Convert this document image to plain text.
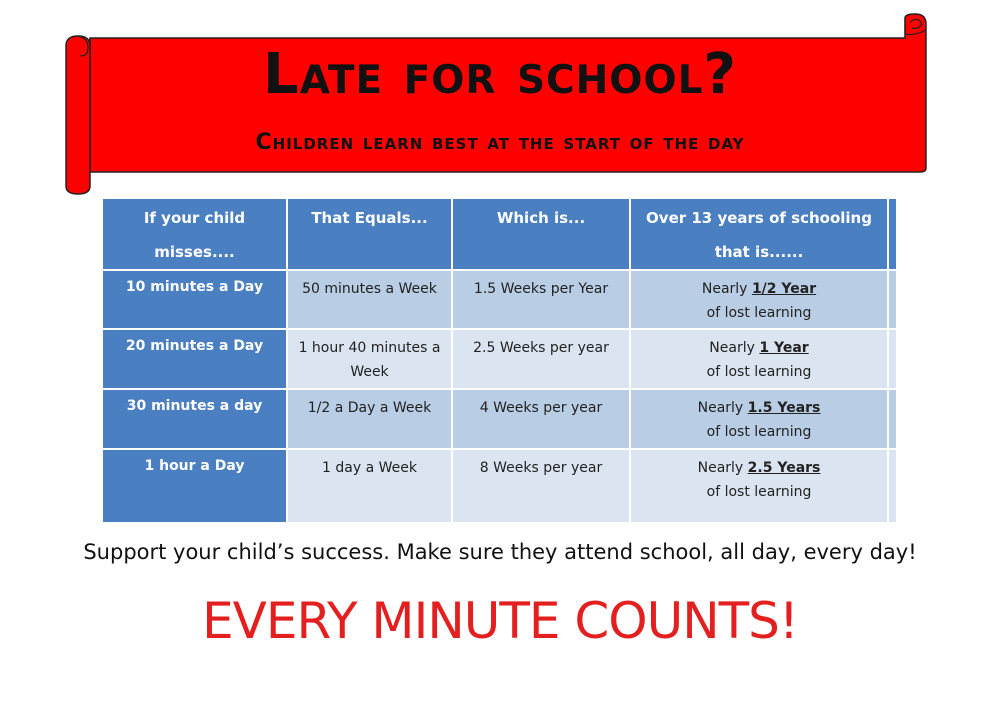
Late for school?
Children learn best at the start of the day
If your child misses....	That Equals...	Which is...	Over 13 years of schooling that is......	
10 minutes a Day	50 minutes a Week	1.5 Weeks per Year	Nearly 1/2 Year
of lost learning	
20 minutes a Day	1 hour 40 minutes a Week	2.5 Weeks per year	Nearly 1 Year
of lost learning	
30 minutes a day	1/2 a Day a Week	4 Weeks per year	Nearly 1.5 Years
of lost learning	
1 hour a Day	1 day a Week	8 Weeks per year	Nearly 2.5 Years
of lost learning	
Support your child’s success. Make sure they attend school, all day, every day!
EVERY MINUTE COUNTS!
